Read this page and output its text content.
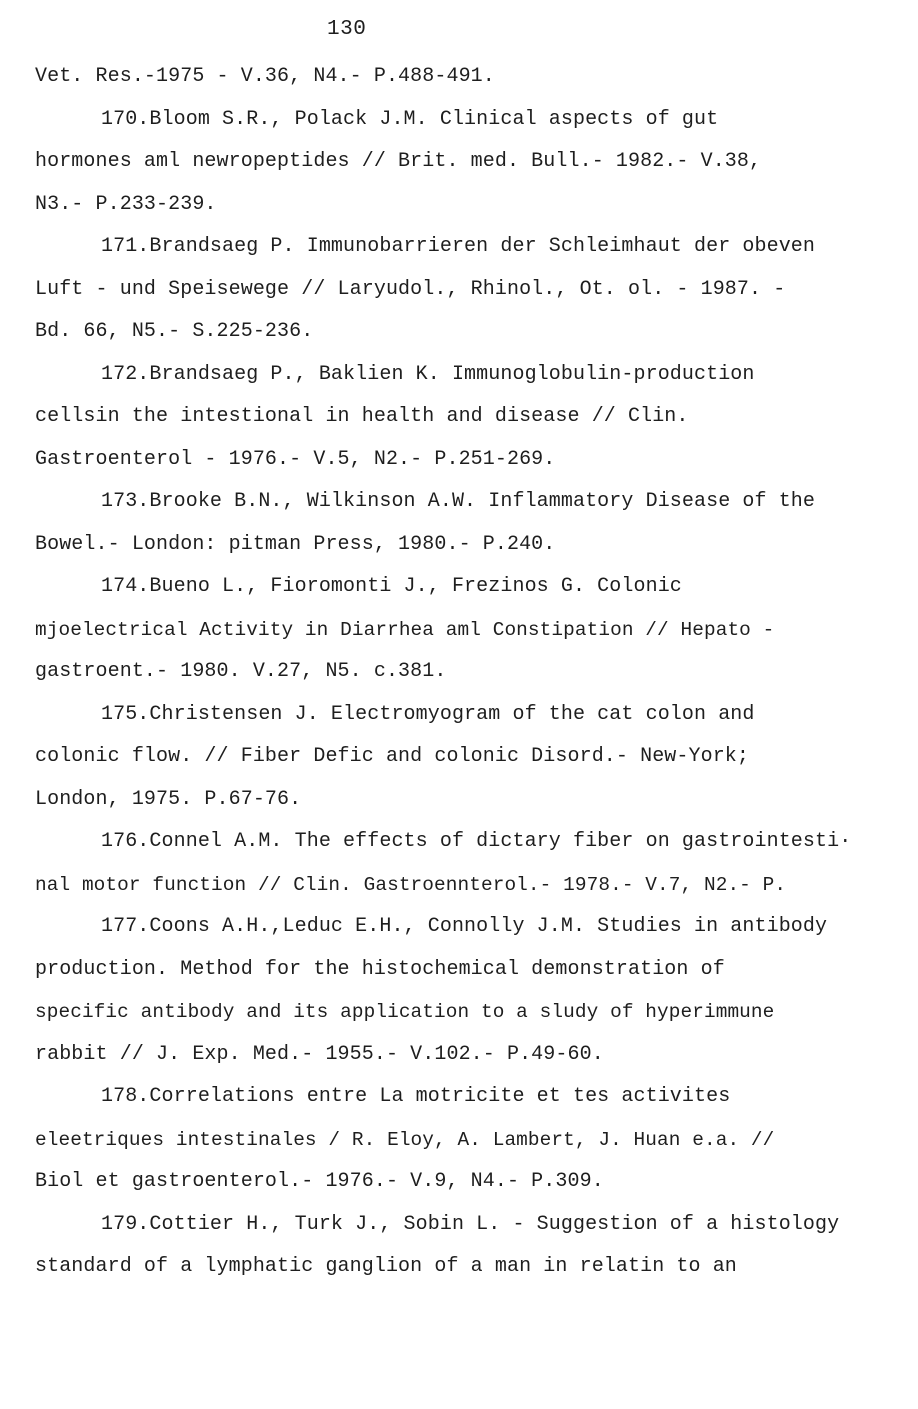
130
Vet. Res.-1975 - V.36, N4.- P.488-491.
170.Bloom S.R., Polack J.M. Clinical aspects of gut
hormones aml newropeptides // Brit. med. Bull.- 1982.- V.38,
N3.- P.233-239.
171.Brandsaeg P. Immunobarrieren der Schleimhaut der obeven
Luft - und Speisewege // Laryudol., Rhinol., Ot. ol. - 1987. -
Bd. 66, N5.- S.225-236.
172.Brandsaeg P., Baklien K. Immunoglobulin-production
cellsin the intestional in health and disease // Clin.
Gastroenterol - 1976.- V.5, N2.- P.251-269.
173.Brooke B.N., Wilkinson A.W. Inflammatory Disease of the
Bowel.- London: pitman Press, 1980.- P.240.
174.Bueno L., Fioromonti J., Frezinos G. Colonic
mjoelectrical Activity in Diarrhea aml Constipation // Hepato -
gastroent.- 1980. V.27, N5. c.381.
175.Christensen J. Electromyogram of the cat colon and
colonic flow. // Fiber Defic and colonic Disord.- New-York;
London, 1975. P.67-76.
176.Connel A.M. The effects of dictary fiber on gastrointesti·
nal motor function // Clin. Gastroennterol.- 1978.- V.7, N2.- P.
177.Coons A.H.,Leduc E.H., Connolly J.M. Studies in antibody
production. Method for the histochemical demonstration of
specific antibody and its application to a sludy of hyperimmune
rabbit // J. Exp. Med.- 1955.- V.102.- P.49-60.
178.Correlations entre La motricite et tes activites
eleetriques intestinales / R. Eloy, A. Lambert, J. Huan e.a. //
Biol et gastroenterol.- 1976.- V.9, N4.- P.309.
179.Cottier H., Turk J., Sobin L. - Suggestion of a histology
standard of a lymphatic ganglion of a man in relatin to an
